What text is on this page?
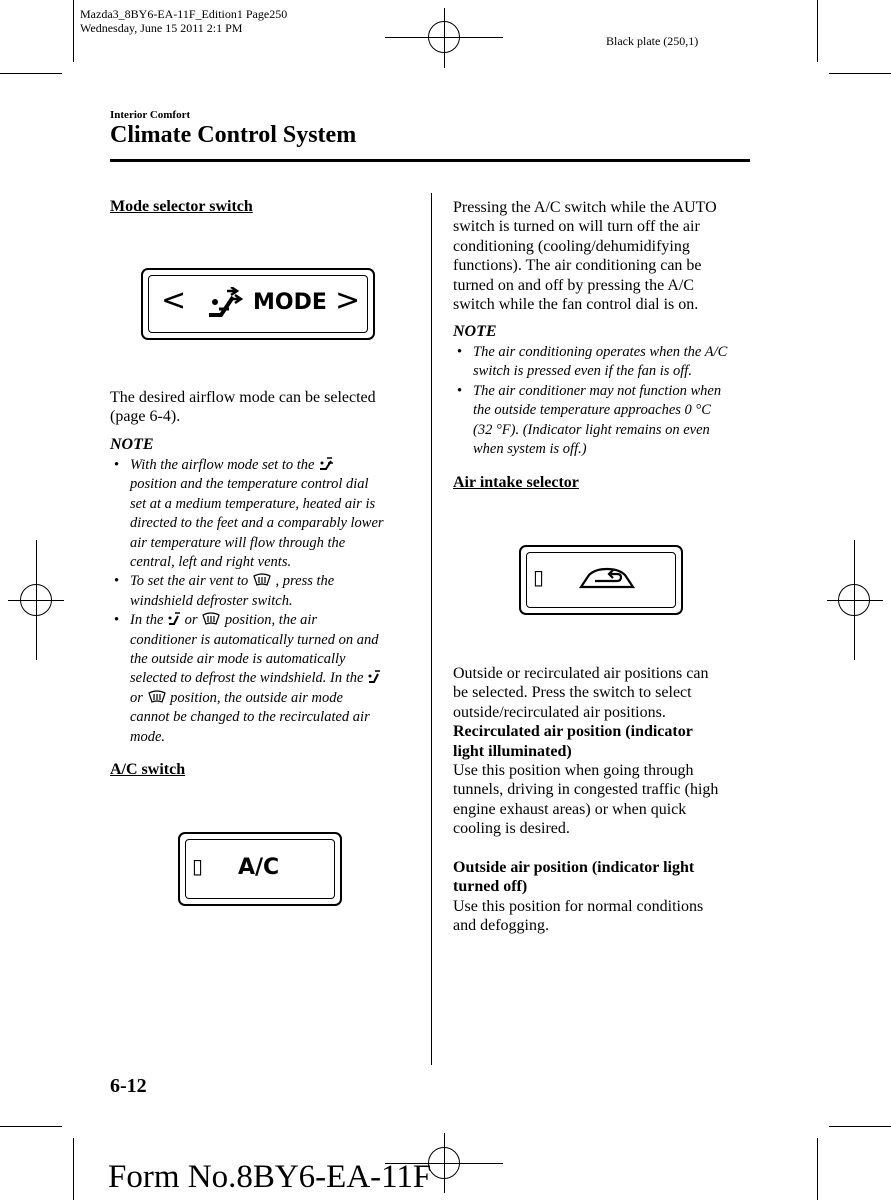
Mazda3_8BY6-EA-11F_Edition1 Page250
Wednesday, June 15 2011 2:1 PM
Black plate (250,1)
Interior Comfort
Climate Control System
Mode selector switch
<	MODE >
The desired airflow mode can be selected
(page 6-4).
NOTE
• With the airflow mode set to the
position and the temperature control dial
set at a medium temperature, heated air is
directed to the feet and a comparably lower
air temperature will flow through the
central, left and right vents.
• To set the air vent to , press the
windshield defroster switch.
• In the or position, the air
conditioner is automatically turned on and
the outside air mode is automatically
selected to defrost the windshield. In the
or position, the outside air mode
cannot be changed to the recirculated air
mode.
A/C switch
▯ A/C
Pressing the A/C switch while the AUTO
switch is turned on will turn off the air
conditioning (cooling/dehumidifying
functions). The air conditioning can be
turned on and off by pressing the A/C
switch while the fan control dial is on.
NOTE
• The air conditioning operates when the A/C
switch is pressed even if the fan is off.
• The air conditioner may not function when
the outside temperature approaches 0 °C
(32 °F). (Indicator light remains on even
when system is off.)
Air intake selector
▯
Outside or recirculated air positions can
be selected. Press the switch to select
outside/recirculated air positions.
Recirculated air position (indicator
light illuminated)
Use this position when going through
tunnels, driving in congested traffic (high
engine exhaust areas) or when quick
cooling is desired.
Outside air position (indicator light
turned off)
Use this position for normal conditions
and defogging.
6-12
Form No.8BY6-EA-11F
